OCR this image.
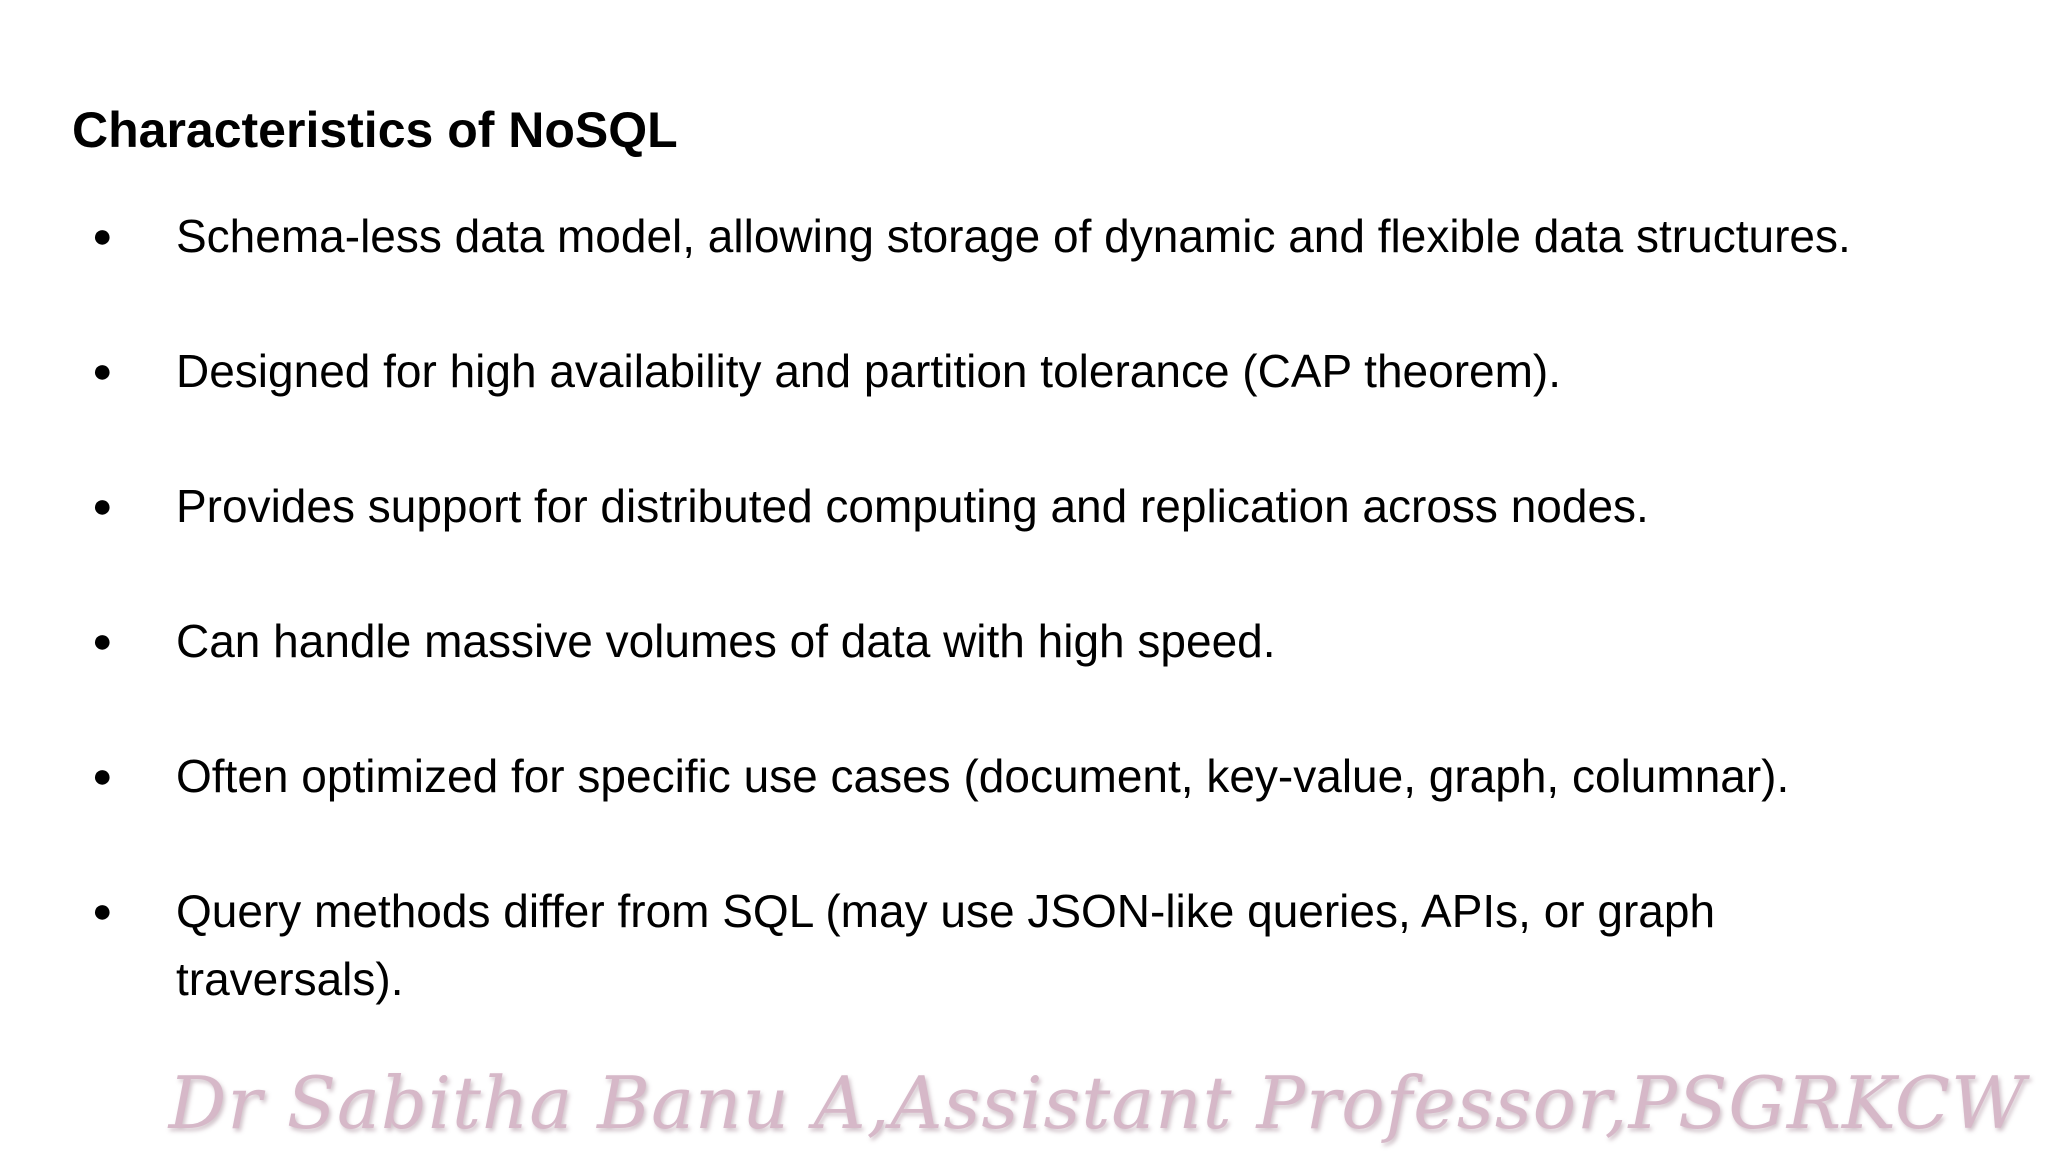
Characteristics of NoSQL
●	Schema-less data model, allowing storage of dynamic and flexible data structures.
●	Designed for high availability and partition tolerance (CAP theorem).
●	Provides support for distributed computing and replication across nodes.
●	Can handle massive volumes of data with high speed.
●	Often optimized for specific use cases (document, key-value, graph, columnar).
●	Query methods differ from SQL (may use JSON-like queries, APIs, or graph traversals).
Dr Sabitha Banu A,Assistant Professor,PSGRKCW
